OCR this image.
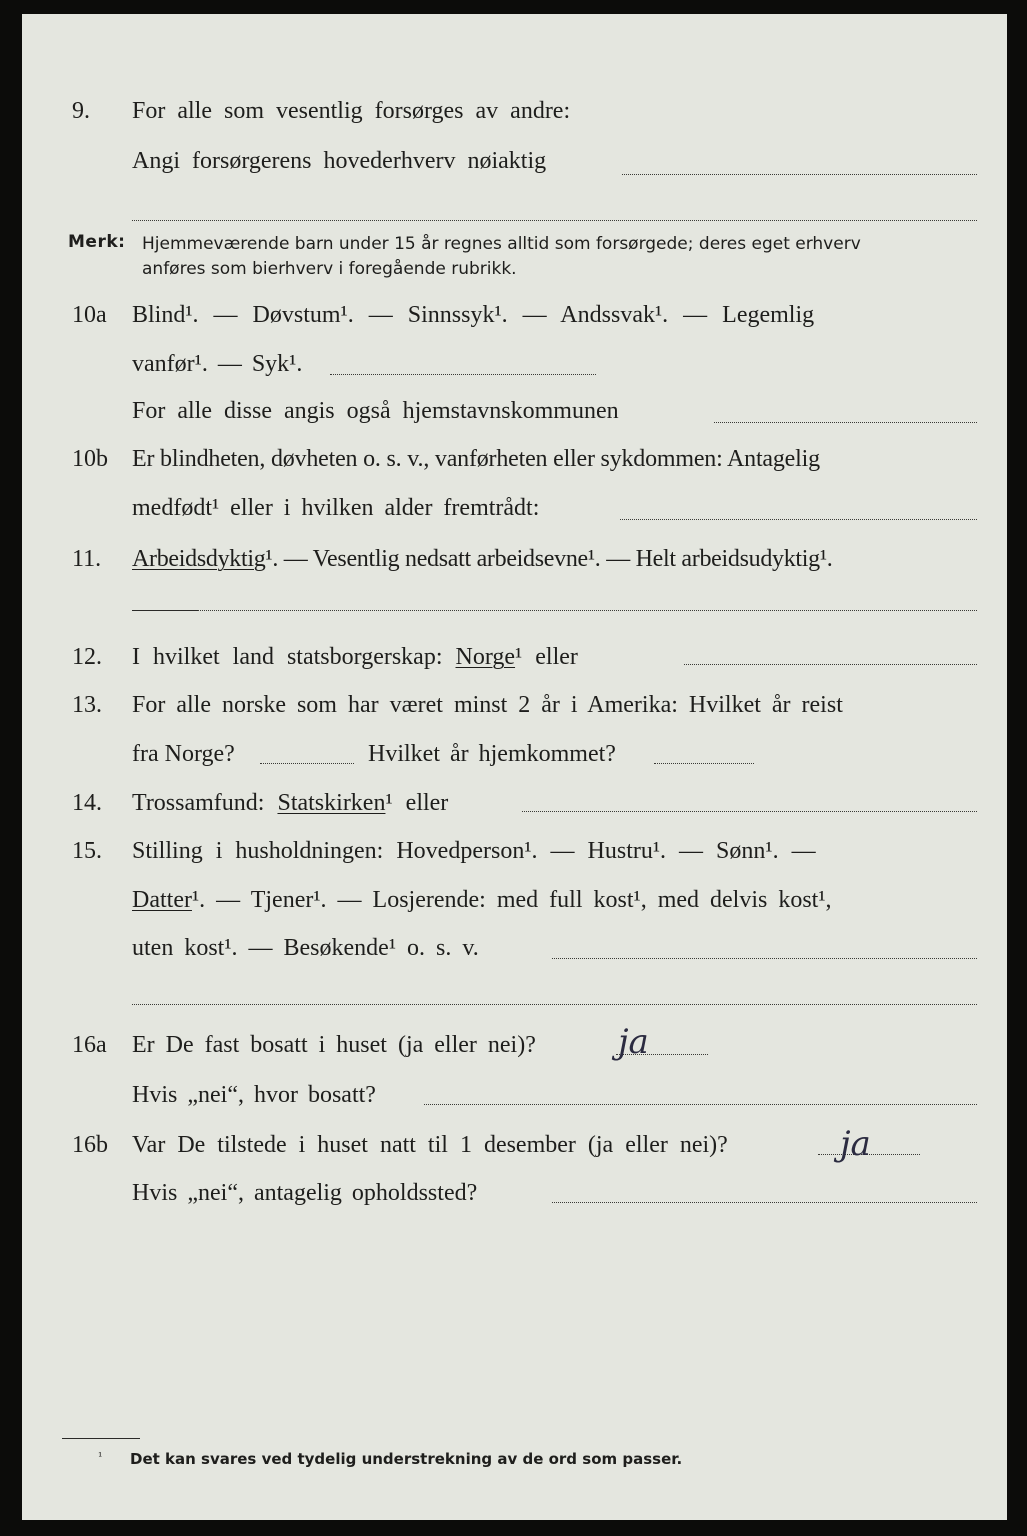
9. For alle som vesentlig forsørges av andre:
Angi forsørgerens hovederhverv nøiaktig
Merk: Hjemmeværende barn under 15 år regnes alltid som forsørgede; deres eget erhverv
anføres som bierhverv i foregående rubrikk.
10a Blind¹. — Døvstum¹. — Sinnssyk¹. — Andssvak¹. — Legemlig
vanfør¹. — Syk¹.
For alle disse angis også hjemstavnskommunen
10b Er blindheten, døvheten o. s. v., vanførheten eller sykdommen: Antagelig
medfødt¹ eller i hvilken alder fremtrådt:
11. Arbeidsdyktig¹. — Vesentlig nedsatt arbeidsevne¹. — Helt arbeidsudyktig¹.
12. I hvilket land statsborgerskap: Norge¹ eller
13. For alle norske som har været minst 2 år i Amerika: Hvilket år reist
fra Norge?	Hvilket år hjemkommet?
14. Trossamfund: Statskirken¹ eller
15. Stilling i husholdningen: Hovedperson¹. — Hustru¹. — Sønn¹. —
Datter¹. — Tjener¹. — Losjerende: med full kost¹, med delvis kost¹,
uten kost¹. — Besøkende¹ o. s. v.
16a Er De fast bosatt i huset (ja eller nei)? ja
Hvis „nei“, hvor bosatt?
16b Var De tilstede i huset natt til 1 desember (ja eller nei)?	ja
Hvis „nei“, antagelig opholdssted?
¹ Det kan svares ved tydelig understrekning av de ord som passer.
